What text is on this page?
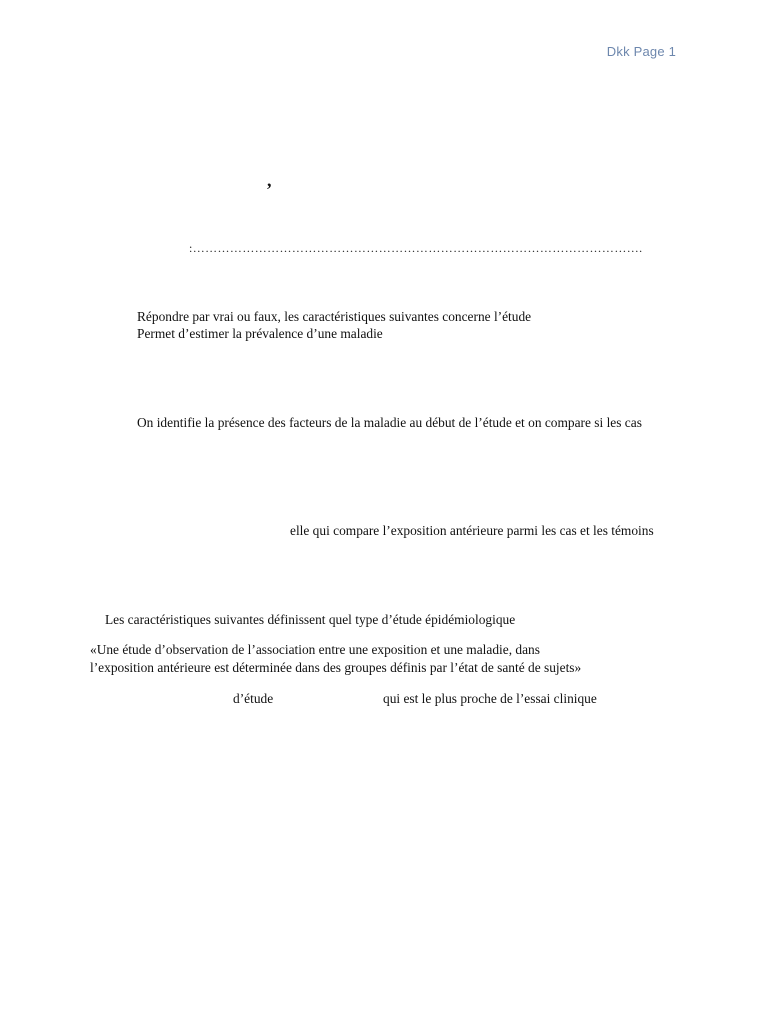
Dkk Page 1
,
:……………………………………………………………………………………………….
Répondre par vrai ou faux, les caractéristiques suivantes concerne l’étude
Permet d’estimer la prévalence d’une maladie
On identifie la présence des facteurs de la maladie au début de l’étude et on compare si les cas
elle qui compare l’exposition antérieure parmi les cas et les témoins
Les caractéristiques suivantes définissent quel type d’étude épidémiologique
«Une étude d’observation de l’association entre une exposition et une maladie, dans
l’exposition antérieure est déterminée dans des groupes définis par l’état de santé de sujets»
d’étude	qui est le plus proche de l’essai clinique
